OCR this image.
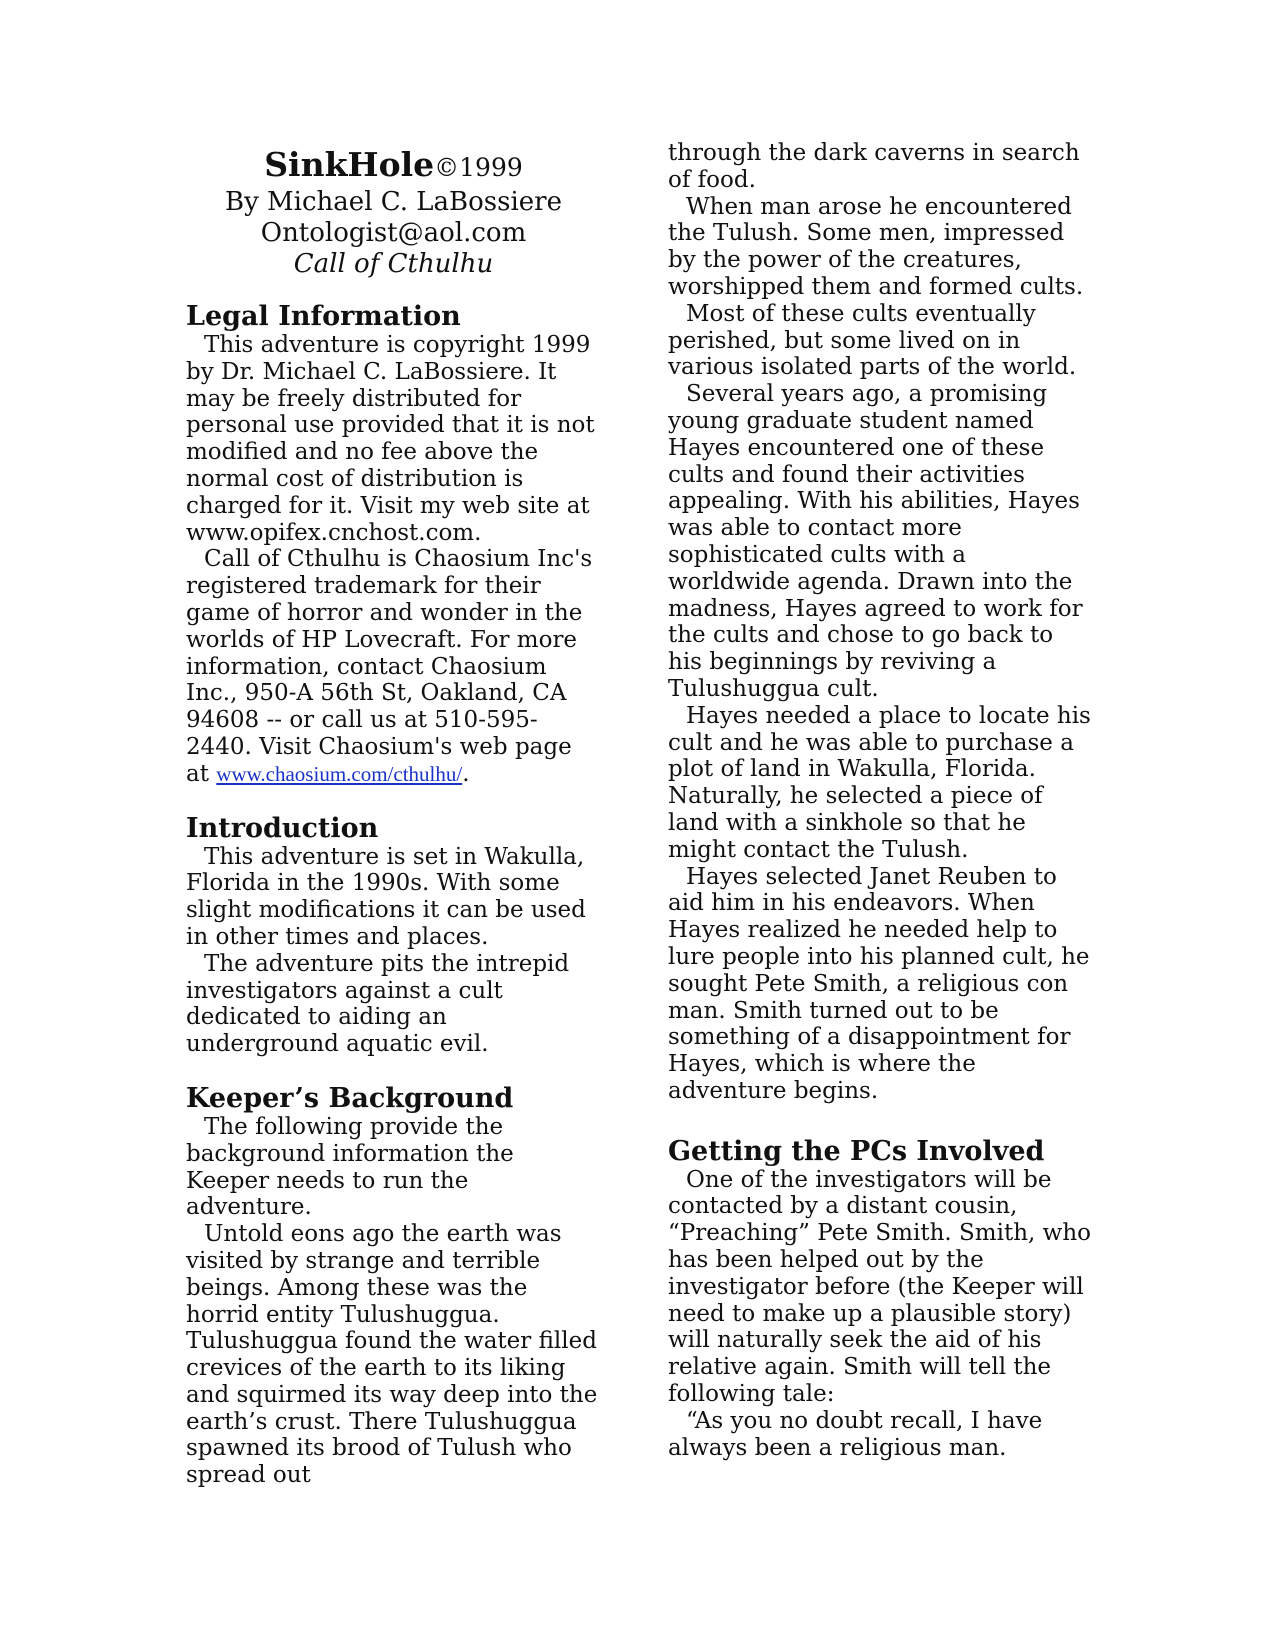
SinkHole©1999
By Michael C. LaBossiere
Ontologist@aol.com
Call of Cthulhu
Legal Information

This adventure is copyright 1999 by Dr. Michael C. LaBossiere. It may be freely distributed for personal use provided that it is not modified and no fee above the normal cost of distribution is charged for it. Visit my web site at www.opifex.cnchost.com.

Call of Cthulhu is Chaosium Inc's registered trademark for their game of horror and wonder in the worlds of HP Lovecraft. For more information, contact Chaosium Inc., 950-A 56th St, Oakland, CA 94608 -- or call us at 510-595-2440. Visit Chaosium's web page at www.chaosium.com/cthulhu/.

Introduction

This adventure is set in Wakulla, Florida in the 1990s. With some slight modifications it can be used in other times and places.

The adventure pits the intrepid investigators against a cult dedicated to aiding an underground aquatic evil.

Keeper’s Background

The following provide the background information the Keeper needs to run the adventure.

Untold eons ago the earth was visited by strange and terrible beings. Among these was the horrid entity Tulushuggua. Tulushuggua found the water filled crevices of the earth to its liking and squirmed its way deep into the earth’s crust. There Tulushuggua spawned its brood of Tulush who spread out

through the dark caverns in search of food.

When man arose he encountered the Tulush. Some men, impressed by the power of the creatures, worshipped them and formed cults.

Most of these cults eventually perished, but some lived on in various isolated parts of the world.

Several years ago, a promising young graduate student named Hayes encountered one of these cults and found their activities appealing. With his abilities, Hayes was able to contact more sophisticated cults with a worldwide agenda. Drawn into the madness, Hayes agreed to work for the cults and chose to go back to his beginnings by reviving a Tulushuggua cult.

Hayes needed a place to locate his cult and he was able to purchase a plot of land in Wakulla, Florida. Naturally, he selected a piece of land with a sinkhole so that he might contact the Tulush.

Hayes selected Janet Reuben to aid him in his endeavors. When Hayes realized he needed help to lure people into his planned cult, he sought Pete Smith, a religious con man. Smith turned out to be something of a disappointment for Hayes, which is where the adventure begins.

Getting the PCs Involved

One of the investigators will be contacted by a distant cousin, “Preaching” Pete Smith. Smith, who has been helped out by the investigator before (the Keeper will need to make up a plausible story) will naturally seek the aid of his relative again. Smith will tell the following tale:

“As you no doubt recall, I have always been a religious man.
